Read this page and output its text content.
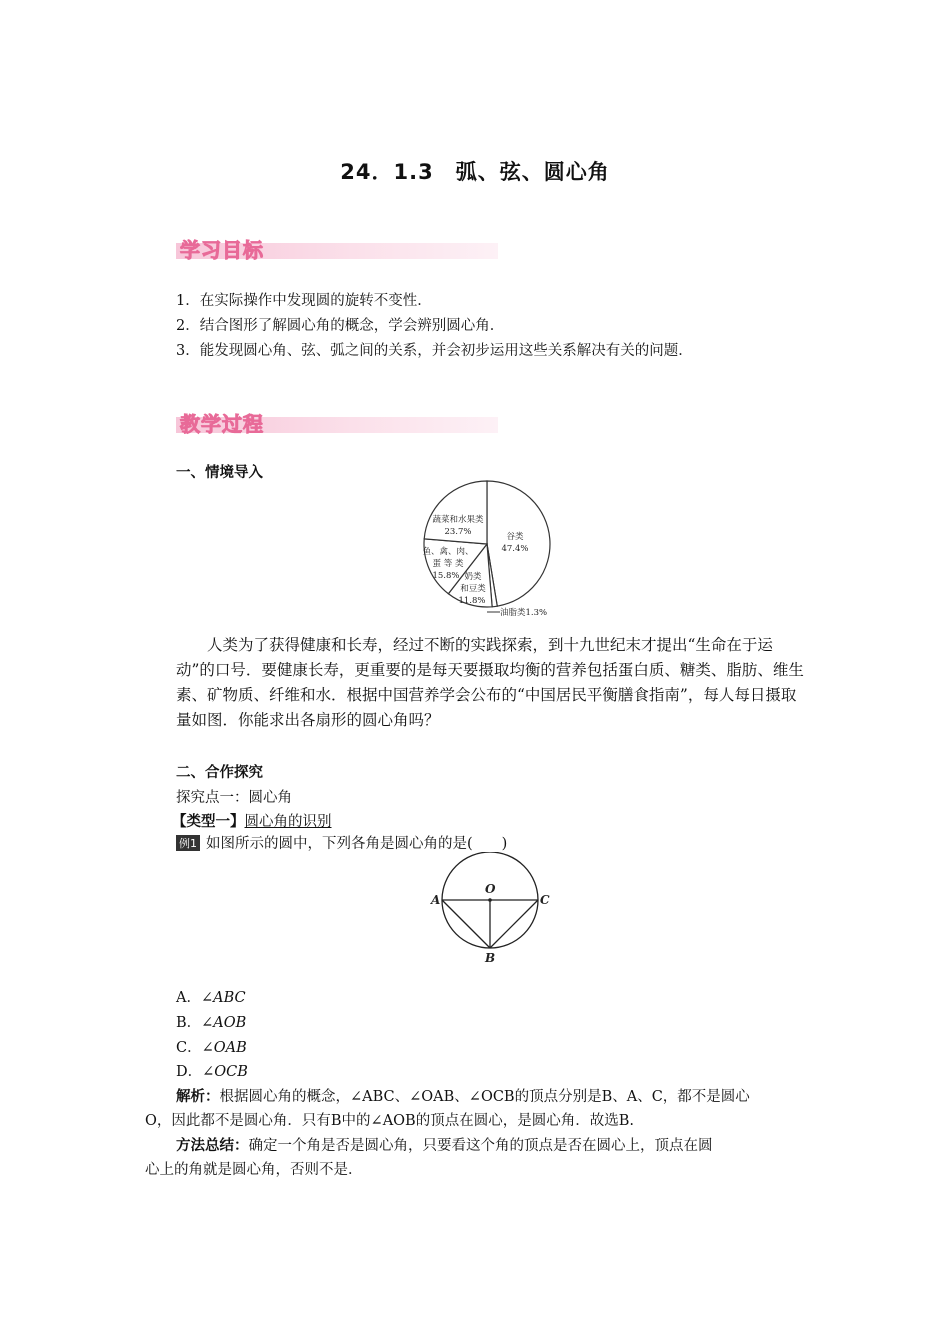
24．1.3　弧、弦、圆心角
学习目标
1．在实际操作中发现圆的旋转不变性．
2．结合图形了解圆心角的概念，学会辨别圆心角．
3．能发现圆心角、弦、弧之间的关系，并会初步运用这些关系解决有关的问题．
教学过程
一、情境导入
谷类
47.4%
蔬菜和水果类
23.7%
鱼、禽、肉、
蛋 等 类
15.8% 奶类
和豆类
11.8%
油脂类1.3%
人类为了获得健康和长寿，经过不断的实践探索，到十九世纪末才提出“生命在于运动”的口号．要健康长寿，更重要的是每天要摄取均衡的营养包括蛋白质、糖类、脂肪、维生素、矿物质、纤维和水．根据中国营养学会公布的“中国居民平衡膳食指南”，每人每日摄取量如图．你能求出各扇形的圆心角吗？
二、合作探究
探究点一：圆心角
【类型一】圆心角的识别
例1 如图所示的圆中，下列各角是圆心角的是(　　)
O
A	C
B
A．∠ABC
B．∠AOB
C．∠OAB
D．∠OCB
解析：根据圆心角的概念，∠ABC、∠OAB、∠OCB的顶点分别是B、A、C，都不是圆心
O，因此都不是圆心角．只有B中的∠AOB的顶点在圆心，是圆心角．故选B.
方法总结：确定一个角是否是圆心角，只要看这个角的顶点是否在圆心上，顶点在圆
心上的角就是圆心角，否则不是．
